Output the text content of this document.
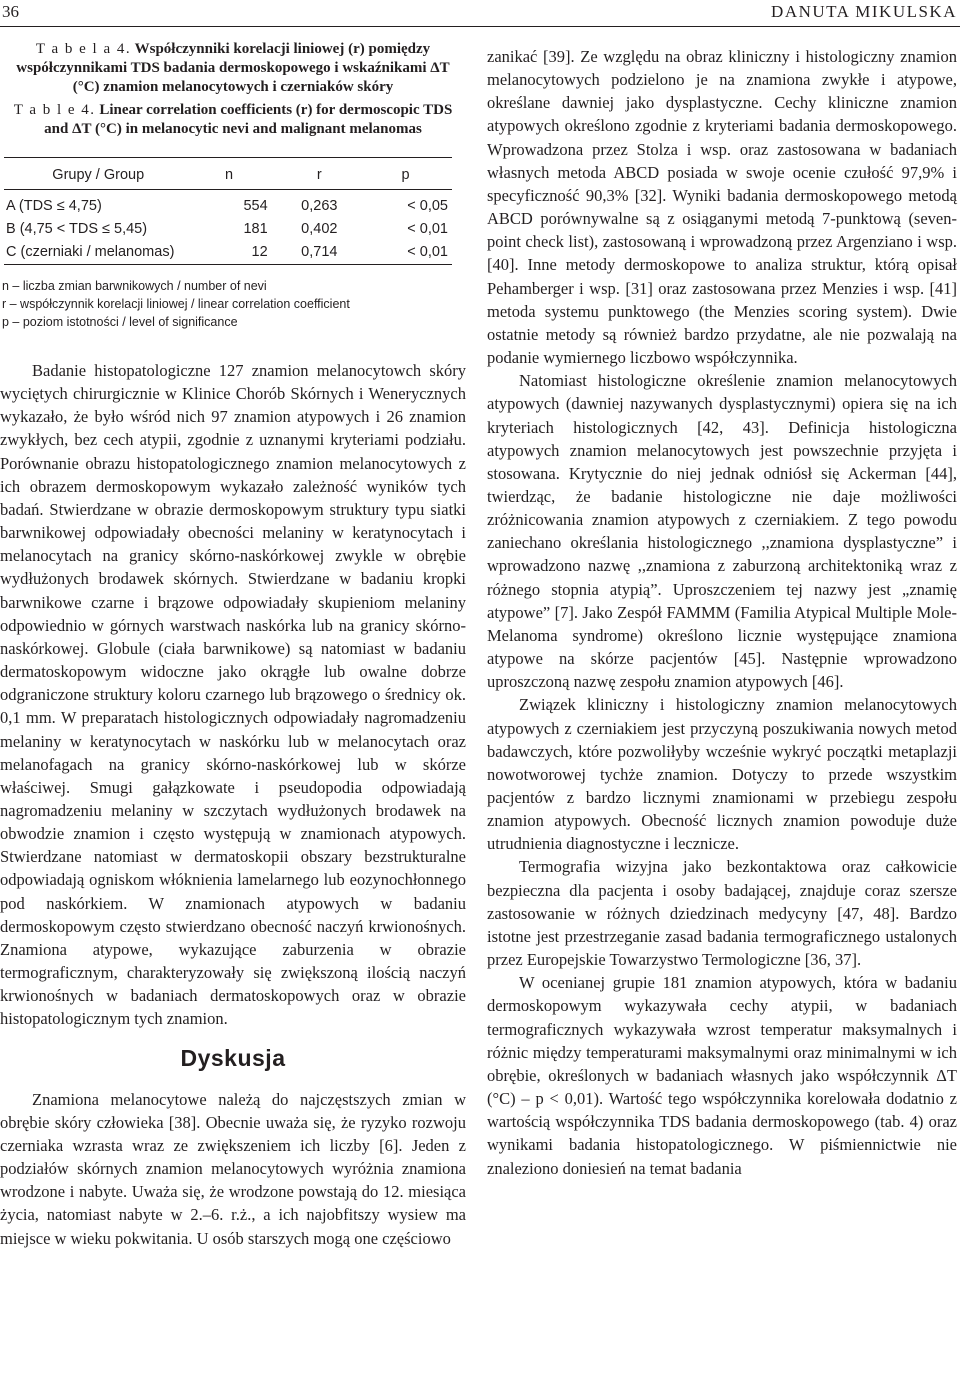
36	DANUTA MIKULSKA
T a b e l a 4. Współczynniki korelacji liniowej (r) pomiędzy współczynnikami TDS badania dermoskopowego i wskaźnikami ΔT (°C) znamion melanocytowych i czerniaków skóry
T a b l e 4. Linear correlation coefficients (r) for dermoscopic TDS and ΔT (°C) in melanocytic nevi and malignant melanomas
Grupy / Group	n	r	p
A (TDS ≤ 4,75)	554	0,263	< 0,05
B (4,75 < TDS ≤ 5,45)	181	0,402	< 0,01
C (czerniaki / melanomas)	12	0,714	< 0,01
n – liczba zmian barwnikowych / number of nevi
r – współczynnik korelacji liniowej / linear correlation coefficient
p – poziom istotności / level of significance

Badanie histopatologiczne 127 znamion melanocytowch skóry wyciętych chirurgicznie w Klinice Chorób Skórnych i Wenerycznych wykazało, że było wśród nich 97 znamion atypowych i 26 znamion zwykłych, bez cech atypii, zgodnie z uznanymi kryteriami podziału. Porównanie obrazu histopatologicznego znamion melanocytowych z ich obrazem dermoskopowym wykazało zależność wyników tych badań. Stwierdzane w obrazie dermoskopowym struktury typu siatki barwnikowej odpowiadały obecności melaniny w keratynocytach i melanocytach na granicy skórno-naskórkowej zwykle w obrębie wydłużonych brodawek skórnych. Stwierdzane w badaniu kropki barwnikowe czarne i brązowe odpowiadały skupieniom melaniny odpowiednio w górnych warstwach naskórka lub na granicy skórno-naskórkowej. Globule (ciała barwnikowe) są natomiast w badaniu dermatoskopowym widoczne jako okrągłe lub owalne dobrze odgraniczone struktury koloru czarnego lub brązowego o średnicy ok. 0,1 mm. W preparatach histologicznych odpowiadały nagromadzeniu melaniny w keratynocytach w naskórku lub w melanocytach oraz melanofagach na granicy skórno-naskórkowej lub w skórze właściwej. Smugi gałązkowate i pseudopodia odpowiadają nagromadzeniu melaniny w szczytach wydłużonych brodawek na obwodzie znamion i często występują w znamionach atypowych. Stwierdzane natomiast w dermatoskopii obszary bezstrukturalne odpowiadają ogniskom włóknienia lamelarnego lub eozynochłonnego pod naskórkiem. W znamionach atypowych w badaniu dermoskopowym często stwierdzano obecność naczyń krwionośnych. Znamiona atypowe, wykazujące zaburzenia w obrazie termograficznym, charakteryzowały się zwiększoną ilością naczyń krwionośnych w badaniach dermatoskopowych oraz w obrazie histopatologicznym tych znamion.

Dyskusja

Znamiona melanocytowe należą do najczęstszych zmian w obrębie skóry człowieka [38]. Obecnie uważa się, że ryzyko rozwoju czerniaka wzrasta wraz ze zwiększeniem ich liczby [6]. Jeden z podziałów skórnych znamion melanocytowych wyróżnia znamiona wrodzone i nabyte. Uważa się, że wrodzone powstają do 12. miesiąca życia, natomiast nabyte w 2.–6. r.ż., a ich najobfitszy wysiew ma miejsce w wieku pokwitania. U osób starszych mogą one częściowo

zanikać [39]. Ze względu na obraz kliniczny i histologiczny znamion melanocytowych podzielono je na znamiona zwykłe i atypowe, określane dawniej jako dysplastyczne. Cechy kliniczne znamion atypowych określono zgodnie z kryteriami badania dermoskopowego. Wprowadzona przez Stolza i wsp. oraz zastosowana w badaniach własnych metoda ABCD posiada w swoje ocenie czułość 97,9% i specyficzność 90,3% [32]. Wyniki badania dermoskopowego metodą ABCD porównywalne są z osiąganymi metodą 7-punktową (seven-point check list), zastosowaną i wprowadzoną przez Argenziano i wsp. [40]. Inne metody dermoskopowe to analiza struktur, którą opisał Pehamberger i wsp. [31] oraz zastosowana przez Menzies i wsp. [41] metoda systemu punktowego (the Menzies scoring system). Dwie ostatnie metody są również bardzo przydatne, ale nie pozwalają na podanie wymiernego liczbowo współczynnika.

Natomiast histologiczne określenie znamion melanocytowych atypowych (dawniej nazywanych dysplastycznymi) opiera się na ich kryteriach histologicznych [42, 43]. Definicja histologiczna atypowych znamion melanocytowych jest powszechnie przyjęta i stosowana. Krytycznie do niej jednak odniósł się Ackerman [44], twierdząc, że badanie histologiczne nie daje możliwości zróżnicowania znamion atypowych z czerniakiem. Z tego powodu zaniechano określania histologicznego ,,znamiona dysplastyczne” i wprowadzono nazwę ,,znamiona z zaburzoną architektoniką wraz z różnego stopnia atypią”. Uproszczeniem tej nazwy jest „znamię atypowe” [7]. Jako Zespół FAMMM (Familia Atypical Multiple Mole-Melanoma syndrome) określono licznie występujące znamiona atypowe na skórze pacjentów [45]. Następnie wprowadzono uproszczoną nazwę zespołu znamion atypowych [46].

Związek kliniczny i histologiczny znamion melanocytowych atypowych z czerniakiem jest przyczyną poszukiwania nowych metod badawczych, które pozwoliłyby wcześnie wykryć początki metaplazji nowotworowej tychże znamion. Dotyczy to przede wszystkim pacjentów z bardzo licznymi znamionami w przebiegu zespołu znamion atypowych. Obecność licznych znamion powoduje duże utrudnienia diagnostyczne i lecznicze.

Termografia wizyjna jako bezkontaktowa oraz całkowicie bezpieczna dla pacjenta i osoby badającej, znajduje coraz szersze zastosowanie w różnych dziedzinach medycyny [47, 48]. Bardzo istotne jest przestrzeganie zasad badania termograficznego ustalonych przez Europejskie Towarzystwo Termologiczne [36, 37].

W ocenianej grupie 181 znamion atypowych, która w badaniu dermoskopowym wykazywała cechy atypii, w badaniach termograficznych wykazywała wzrost temperatur maksymalnych i różnic między temperaturami maksymalnymi oraz minimalnymi w ich obrębie, określonych w badaniach własnych jako współczynnik ΔT (°C) – p < 0,01). Wartość tego współczynnika korelowała dodatnio z wartością współczynnika TDS badania dermoskopowego (tab. 4) oraz wynikami badania histopatologicznego. W piśmiennictwie nie znaleziono doniesień na temat badania
